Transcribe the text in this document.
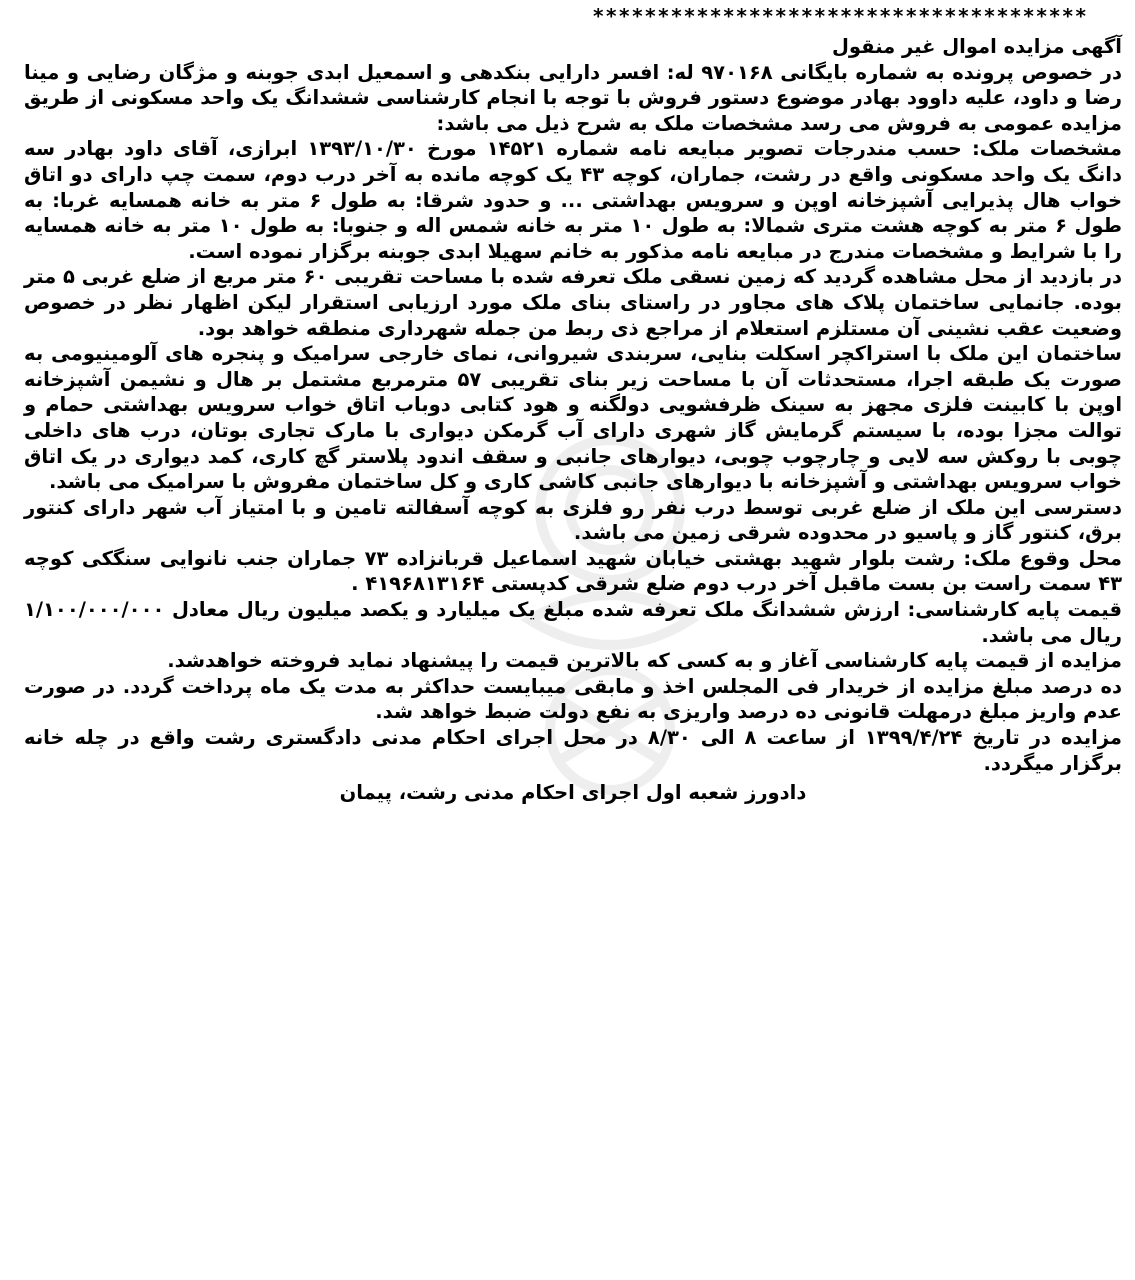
**************************************

آگهی مزایده اموال غیر منقول

در خصوص پرونده به شماره بایگانی ۹۷۰۱۶۸ له: افسر دارایی بنکدهی و اسمعیل ابدی جوبنه و مژگان رضایی و مینا رضا و داود، علیه داوود بهادر موضوع دستور فروش با توجه با انجام کارشناسی ششدانگ یک واحد مسکونی از طریق مزایده عمومی به فروش می رسد مشخصات ملک به شرح ذیل می باشد:

مشخصات ملک: حسب مندرجات تصویر مبایعه نامه شماره ۱۴۵۲۱ مورخ ۱۳۹۳/۱۰/۳۰ ابرازی، آقای داود بهادر سه دانگ یک واحد مسکونی واقع در رشت، جماران، کوچه ۴۳ یک کوچه مانده به آخر درب دوم، سمت چپ دارای دو اتاق خواب هال پذیرایی آشپزخانه اوپن و سرویس بهداشتی ... و حدود شرقا: به طول ۶ متر به خانه همسایه غربا: به طول ۶ متر به کوچه هشت متری شمالا: به طول ۱۰ متر به خانه شمس اله و جنوبا: به طول ۱۰ متر به خانه همسایه را با شرایط و مشخصات مندرج در مبایعه نامه مذکور به خانم سهیلا ابدی جوبنه برگزار نموده است.

در بازدید از محل مشاهده گردید که زمین نسقی ملک تعرفه شده با مساحت تقریبی ۶۰ متر مربع از ضلع غربی ۵ متر بوده. جانمایی ساختمان پلاک های مجاور در راستای بنای ملک مورد ارزیابی استقرار لیکن اظهار نظر در خصوص وضعیت عقب نشینی آن مستلزم استعلام از مراجع ذی ربط من جمله شهرداری منطقه خواهد بود.

ساختمان این ملک با استراکچر اسکلت بنایی، سربندی شیروانی، نمای خارجی سرامیک و پنجره های آلومینیومی به صورت یک طبقه اجرا، مستحدثات آن با مساحت زیر بنای تقریبی ۵۷ مترمربع مشتمل بر هال و نشیمن آشپزخانه اوپن با کابینت فلزی مجهز به سینک ظرفشویی دولگنه و هود کتابی دوباب اتاق خواب سرویس بهداشتی حمام و توالت مجزا بوده، با سیستم گرمایش گاز شهری دارای آب گرمکن دیواری با مارک تجاری بوتان، درب های داخلی چوبی با روکش سه لایی و چارچوب چوبی، دیوارهای جانبی و سقف اندود پلاستر گچ کاری، کمد دیواری در یک اتاق خواب سرویس بهداشتی و آشپزخانه با دیوارهای جانبی کاشی کاری و کل ساختمان مفروش با سرامیک می باشد.

دسترسی این ملک از ضلع غربی توسط درب نفر رو فلزی به کوچه آسفالته تامین و با امتیاز آب شهر دارای کنتور برق، کنتور گاز و پاسیو در محدوده شرقی زمین می باشد.

محل وقوع ملک: رشت بلوار شهید بهشتی خیابان شهید اسماعیل قربانزاده ۷۳ جماران جنب نانوایی سنگکی کوچه ۴۳ سمت راست بن بست ماقبل آخر درب دوم ضلع شرقی کدپستی ۴۱۹۶۸۱۳۱۶۴ .

قیمت پایه کارشناسی: ارزش ششدانگ ملک تعرفه شده مبلغ یک میلیارد و یکصد میلیون ریال معادل ۱/۱۰۰/۰۰۰/۰۰۰ ریال می باشد.

مزایده از قیمت پایه کارشناسی آغاز و به کسی که بالاترین قیمت را پیشنهاد نماید فروخته خواهدشد.

ده درصد مبلغ مزایده از خریدار فی المجلس اخذ و مابقی میبایست حداکثر به مدت یک ماه پرداخت گردد. در صورت عدم واریز مبلغ درمهلت قانونی ده درصد واریزی به نفع دولت ضبط خواهد شد.

مزایده در تاریخ ۱۳۹۹/۴/۲۴ از ساعت ۸ الی ۸/۳۰ در محل اجرای احکام مدنی دادگستری رشت واقع در چله خانه برگزار میگردد.

دادورز شعبه اول اجرای احکام مدنی رشت، پیمان
